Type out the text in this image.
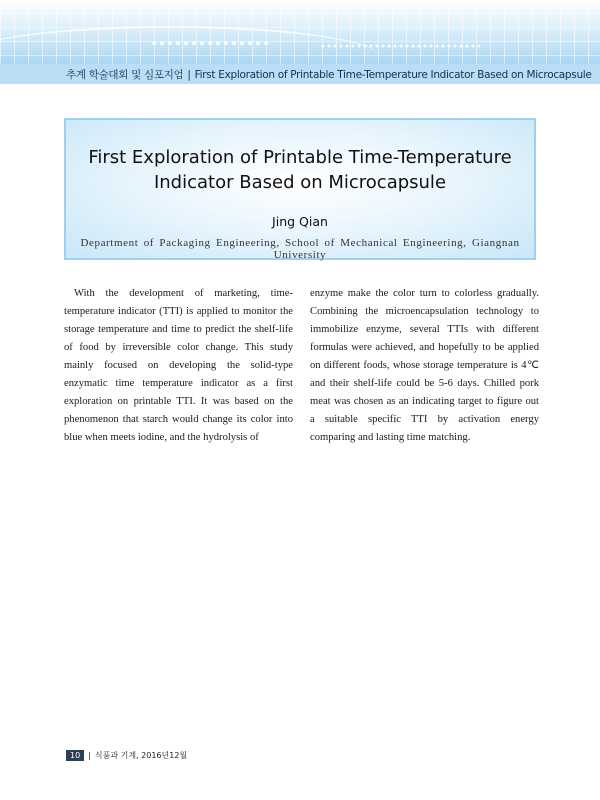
추계 학술대회 및 심포지엄 | First Exploration of Printable Time-Temperature Indicator Based on Microcapsule
First Exploration of Printable Time-Temperature
Indicator Based on Microcapsule
Jing Qian
Department of Packaging Engineering, School of Mechanical Engineering, Giangnan University
With the development of marketing, time-temperature indicator (TTI) is applied to monitor the storage temperature and time to predict the shelf-life of food by irreversible color change. This study mainly focused on developing the solid-type enzymatic time temperature indicator as a first exploration on printable TTI. It was based on the phenomenon that starch would change its color into blue when meets iodine, and the hydrolysis of
enzyme make the color turn to colorless gradually. Combining the microencapsulation technology to immobilize enzyme, several TTIs with different formulas were achieved, and hopefully to be applied on different foods, whose storage temperature is 4℃ and their shelf-life could be 5-6 days. Chilled pork meat was chosen as an indicating target to figure out a suitable specific TTI by activation energy comparing and lasting time matching.
10	| 식품과 기계, 2016년12월
